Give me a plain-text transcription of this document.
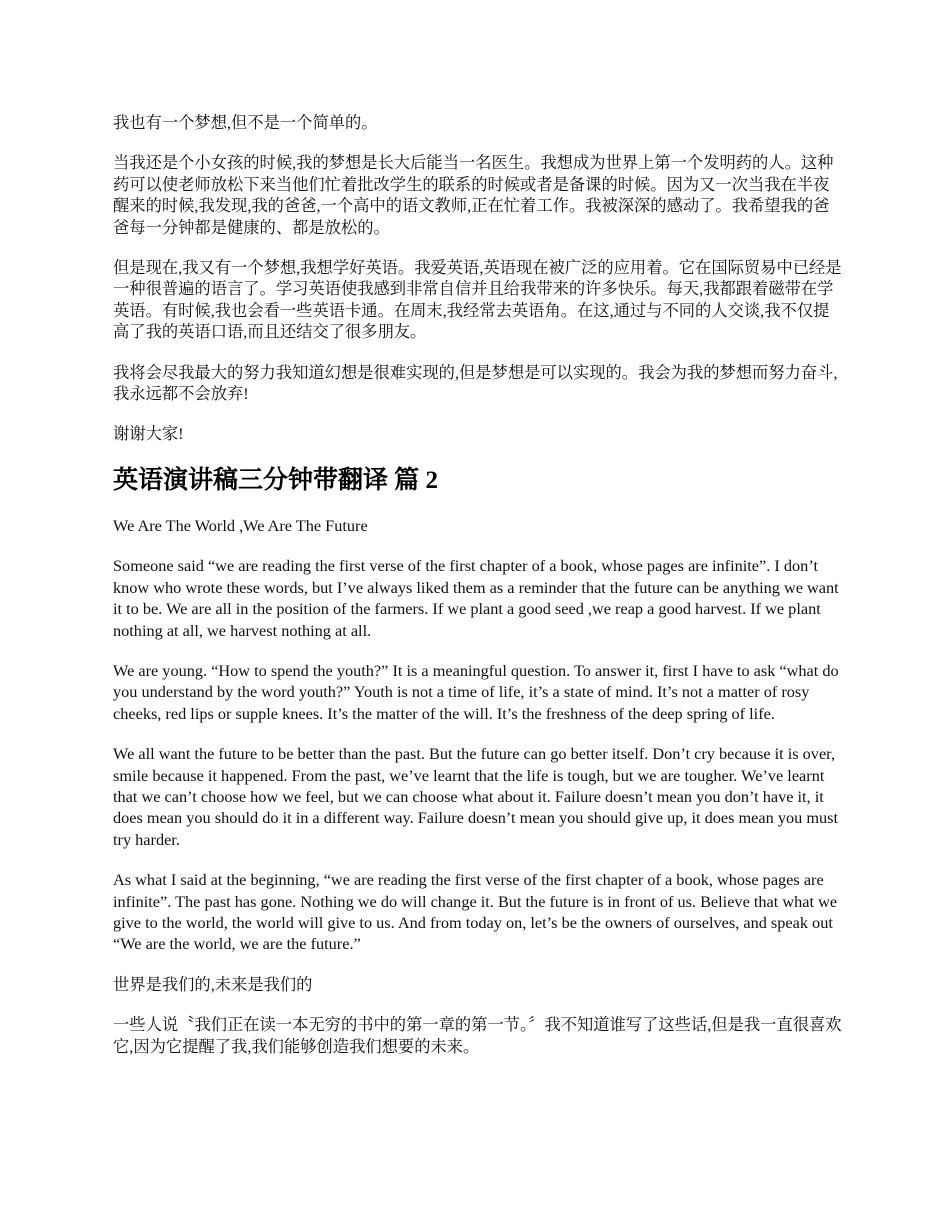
我也有一个梦想,但不是一个简单的。

当我还是个小女孩的时候,我的梦想是长大后能当一名医生。我想成为世界上第一个发明药的人。这种药可以使老师放松下来当他们忙着批改学生的联系的时候或者是备课的时候。因为又一次当我在半夜醒来的时候,我发现,我的爸爸,一个高中的语文教师,正在忙着工作。我被深深的感动了。我希望我的爸爸每一分钟都是健康的、都是放松的。

但是现在,我又有一个梦想,我想学好英语。我爱英语,英语现在被广泛的应用着。它在国际贸易中已经是一种很普遍的语言了。学习英语使我感到非常自信并且给我带来的许多快乐。每天,我都跟着磁带在学英语。有时候,我也会看一些英语卡通。在周末,我经常去英语角。在这,通过与不同的人交谈,我不仅提高了我的英语口语,而且还结交了很多朋友。

我将会尽我最大的努力我知道幻想是很难实现的,但是梦想是可以实现的。我会为我的梦想而努力奋斗,我永远都不会放弃!

谢谢大家!

英语演讲稿三分钟带翻译 篇 2

We Are The World ,We Are The Future

Someone said “we are reading the first verse of the first chapter of a book, whose pages are infinite”. I don’t know who wrote these words, but I’ve always liked them as a reminder that the future can be anything we want it to be. We are all in the position of the farmers. If we plant a good seed ,we reap a good harvest. If we plant nothing at all, we harvest nothing at all.

We are young. “How to spend the youth?” It is a meaningful question. To answer it, first I have to ask “what do you understand by the word youth?” Youth is not a time of life, it’s a state of mind. It’s not a matter of rosy cheeks, red lips or supple knees. It’s the matter of the will. It’s the freshness of the deep spring of life.

We all want the future to be better than the past. But the future can go better itself. Don’t cry because it is over, smile because it happened. From the past, we’ve learnt that the life is tough, but we are tougher. We’ve learnt that we can’t choose how we feel, but we can choose what about it. Failure doesn’t mean you don’t have it, it does mean you should do it in a different way. Failure doesn’t mean you should give up, it does mean you must try harder.

As what I said at the beginning, “we are reading the first verse of the first chapter of a book, whose pages are infinite”. The past has gone. Nothing we do will change it. But the future is in front of us. Believe that what we give to the world, the world will give to us. And from today on, let’s be the owners of ourselves, and speak out “We are the world, we are the future.”

世界是我们的,未来是我们的

一些人说〝我们正在读一本无穷的书中的第一章的第一节。〞我不知道谁写了这些话,但是我一直很喜欢它,因为它提醒了我,我们能够创造我们想要的未来。
